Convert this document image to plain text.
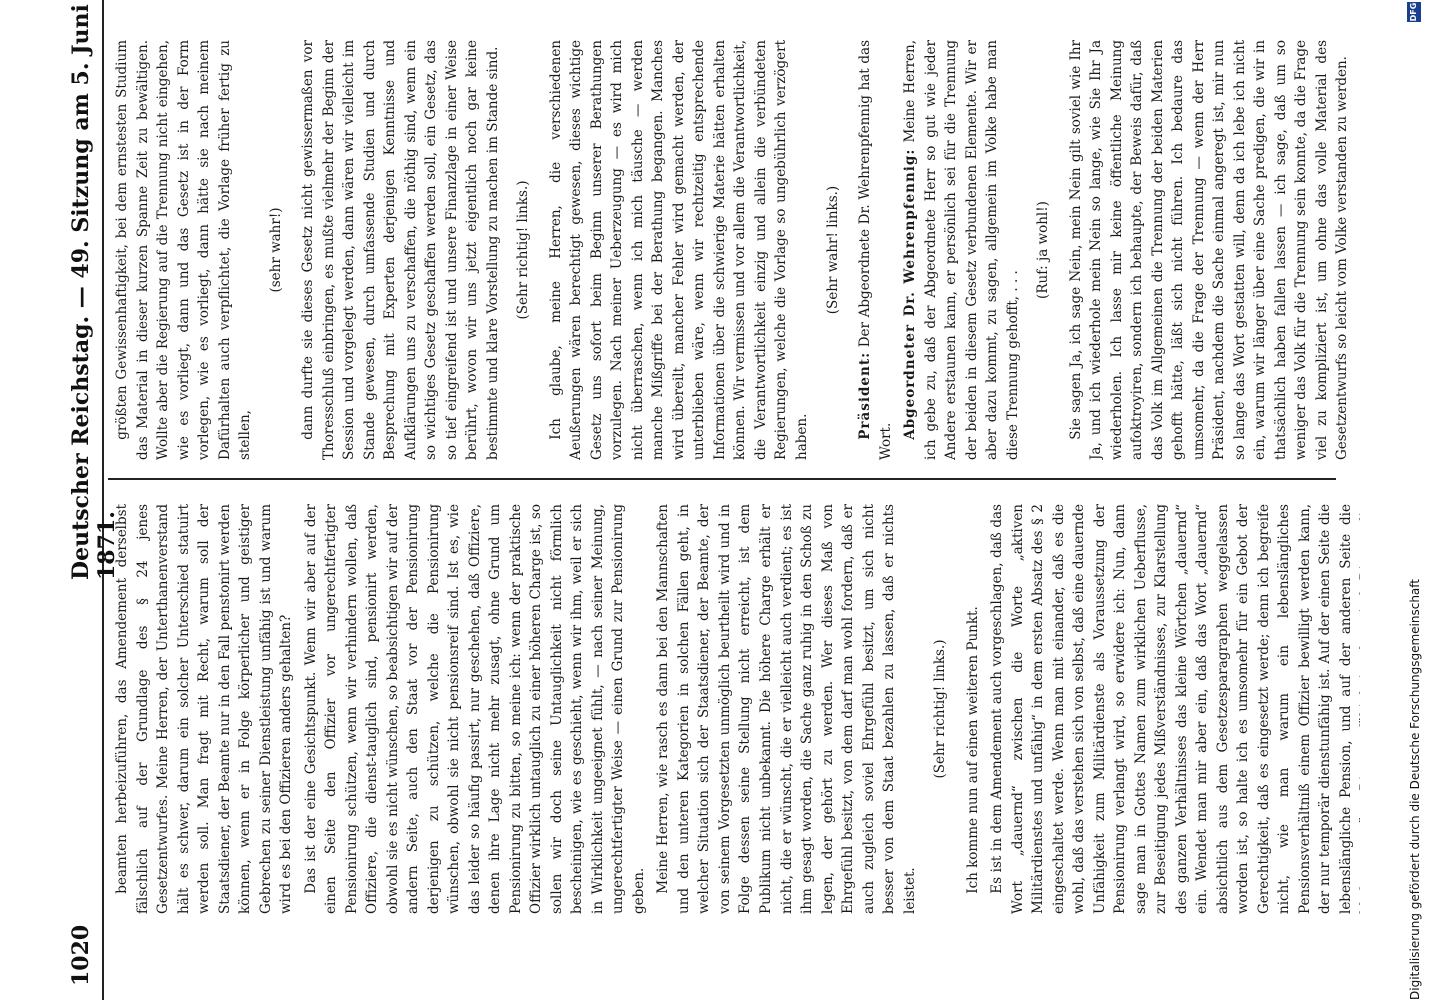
1020
Deutscher Reichstag. — 49. Sitzung am 5. Juni 1871.

beamten herbeizuführen, das Amendement derselbst fälschlich auf der Grundlage des § 24 jenes Gesetzentwurfes. Meine Herren, der Unterthanenverstand hält es schwer, darum ein solcher Unterschied statuirt werden soll. Man fragt mit Recht, warum soll der Staatsdiener, der Beamte nur in den Fall penstonirt werden können, wenn er in Folge körperlicher und geistiger Gebrechen zu seiner Dienstleistung unfähig ist und warum wird es bei den Offizieren anders gehalten? Das ist der eine Gesichtspunkt. Wenn wir aber auf der einen Seite den Offizier vor ungerechtfertigter Pensionirung schützen, wenn wir verhindern wollen, daß Offiziere, die dienst-tauglich sind, pensionirt werden, obwohl sie es nicht wünschen, so beabsichtigen wir auf der andern Seite, auch den Staat vor der Pensionirung derjenigen zu schützen, welche die Pensionirung wünschen, obwohl sie nicht pensionsreif sind. Ist es, wie das leider so häufig passirt, nur geschehen, daß Offiziere, denen ihre Lage nicht mehr zusagt, ohne Grund um Pensionirung zu bitten, so meine ich: wenn der praktische Offizier wirklich untauglich zu einer höheren Charge ist, so sollen wir doch seine Untauglichkeit nicht förmlich bescheinigen, wie es geschieht, wenn wir ihm, weil er sich in Wirklichkeit ungeeignet fühlt, — nach seiner Meinung, ungerechtfertigter Weise — einen Grund zur Pensionirung geben. Meine Herren, wie rasch es dann bei den Mannschaften und den unteren Kategorien in solchen Fällen geht, in welcher Situation sich der Staatsdiener, der Beamte, der von seinem Vorgesetzten unmöglich beurtheilt wird und in Folge dessen seine Stellung nicht erreicht, ist dem Publikum nicht unbekannt. Die höhere Charge erhält er nicht, die er wünscht, die er vielleicht auch verdient; es ist ihm gesagt worden, die Sache ganz ruhig in den Schoß zu legen, der gehört zu werden. Wer dieses Maß von Ehrgefühl besitzt, von dem darf man wohl fordern, daß er auch zugleich soviel Ehrgefühl besitzt, um sich nicht besser von dem Staat bezahlen zu lassen, daß er nichts leistet.

(Sehr richtig! links.) Ich komme nun auf einen weiteren Punkt. Es ist in dem Amendement auch vorgeschlagen, daß das Wort „dauernd“ zwischen die Worte „aktiven Militärdienstes und unfähig“ in dem ersten Absatz des § 2 eingeschaltet werde. Wenn man mit einander, daß es die wohl, daß das verstehen sich von selbst, daß eine dauernde Unfähigkeit zum Militärdienste als Voraussetzung der Pensionirung verlangt wird, so erwidere ich: Nun, dann sage man in Gottes Namen zum wirklichen Ueberflusse, zur Beseitigung jedes Mißverständnisses, zur Klarstellung des ganzen Verhältnisses das kleine Wörtchen „dauernd“ ein. Wendet man mir aber ein, daß das Wort „dauernd“ absichtlich aus dem Gesetzesparagraphen weggelassen worden ist, so halte ich es umsomehr für ein Gebot der Gerechtigkeit, daß es eingesetzt werde; denn ich begreife nicht, wie man warum ein lebenslängliches Pensionsverhältniß einem Offizier bewilligt werden kann, der nur temporär dienstunfähig ist. Auf der einen Seite die lebenslängliche Pension, und auf der anderen Seite die

größten Gewissenhaftigkeit, bei dem ernstesten Studium das Material in dieser kurzen Spanne Zeit zu bewältigen. Wollte aber die Regierung auf die Trennung nicht eingehen, wie es vorliegt, dann und das Gesetz ist in der Form vorlegen, wie es vorliegt, dann hätte sie nach meinem Dafürhalten auch verpflichtet, die Vorlage früher fertig zu stellen,

(sehr wahr!) dann durfte sie dieses Gesetz nicht gewissermaßen vor Thoresschluß einbringen, es mußte vielmehr der Beginn der Session und vorgelegt werden, dann wären wir vielleicht im Stande gewesen, durch umfassende Studien und durch Besprechung mit Experten derjenigen Kenntnisse und Aufklärungen uns zu verschaffen, die nöthig sind, wenn ein so wichtiges Gesetz geschaffen werden soll, ein Gesetz, das so tief eingreifend ist und unsere Finanzlage in einer Weise berührt, wovon wir uns jetzt eigentlich noch gar keine bestimmte und klare Vorstellung zu machen im Stande sind. (Sehr richtig! links.) Ich glaube, meine Herren, die verschiedenen Aeußerungen wären berechtigt gewesen, dieses wichtige Gesetz uns sofort beim Beginn unserer Berathungen vorzulegen. Nach meiner Ueberzeugung — es wird mich nicht überraschen, wenn ich mich täusche — werden manche Mißgriffe bei der Berathung begangen. Manches wird übereilt, mancher Fehler wird gemacht werden, der unterblieben wäre, wenn wir rechtzeitig entsprechende Informationen über die schwierige Materie hätten erhalten können. Wir vermissen und vor allem die Verantwortlichkeit, die Verantwortlichkeit einzig und allein die verbündeten Regierungen, welche die Vorlage so ungebührlich verzögert haben.

(Sehr wahr! links.)

Präsident: Der Abgeordnete Dr. Wehrenpfennig hat das Wort.

Abgeordneter Dr. Wehrenpfennig: Meine Herren, ich gebe zu, daß der Abgeordnete Herr so gut wie jeder Andere erstaunen kann, er persönlich sei für die Trennung der beiden in diesem Gesetz verbundenen Elemente. Wir er aber dazu kommt, zu sagen, allgemein im Volke habe man diese Trennung gehofft, . . .

(Ruf: ja wohl!) Sie sagen Ja, ich sage Nein, mein Nein gilt soviel wie Ihr Ja, und ich wiederhole mein Nein so lange, wie Sie Ihr Ja wiederholen. Ich lasse mir keine öffentliche Meinung aufoktroyiren, sondern ich behaupte, der Beweis dafür, daß das Volk im Allgemeinen die Trennung der beiden Materien gehofft hätte, läßt sich nicht führen. Ich bedaure das umsomehr, da die Frage der Trennung — wenn der Herr Präsident, nachdem die Sache einmal angeregt ist, mir nun so lange das Wort gestatten will, denn da ich lebe ich nicht ein, warum wir länger über eine Sache predigen, die wir in thatsächlich haben fallen lassen — ich sage, daß um so weniger das Volk für die Trennung sein konnte, da die Frage viel zu kompliziert ist, um ohne das volle Material des Gesetzentwurfs so leicht vom Volke verstanden zu werden.

Digitalisierung gefördert durch die Deutsche Forschungsgemeinschaft
DFG
